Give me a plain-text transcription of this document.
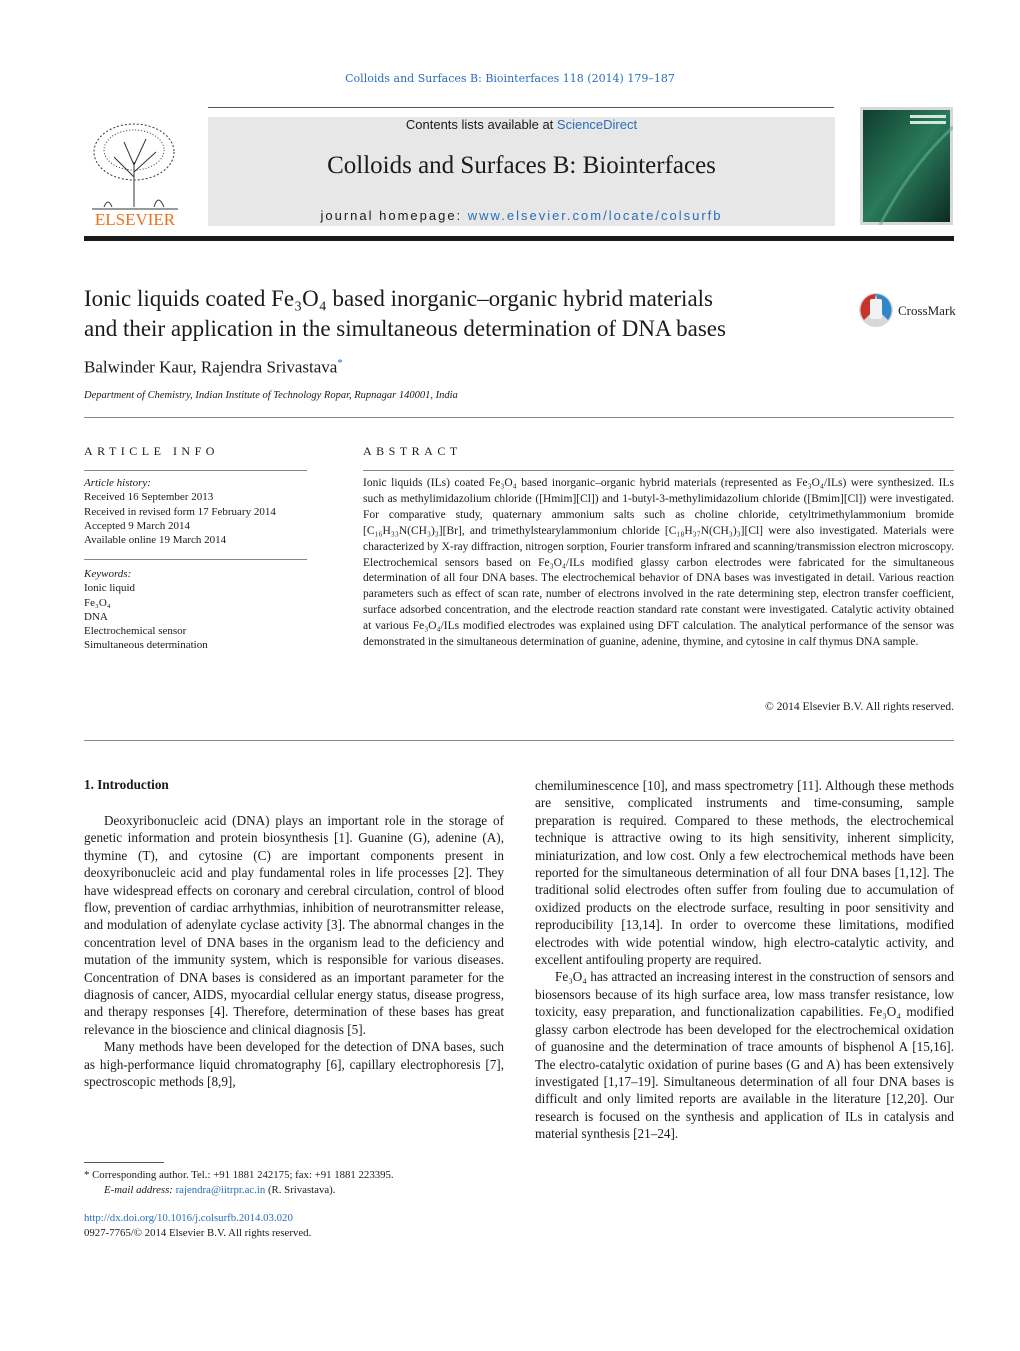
Colloids and Surfaces B: Biointerfaces 118 (2014) 179–187
ELSEVIER
Contents lists available at ScienceDirect
Colloids and Surfaces B: Biointerfaces
journal homepage: www.elsevier.com/locate/colsurfb
Ionic liquids coated Fe₃O₄ based inorganic–organic hybrid materials
and their application in the simultaneous determination of DNA bases
CrossMark
Balwinder Kaur, Rajendra Srivastava*
Department of Chemistry, Indian Institute of Technology Ropar, Rupnagar 140001, India
ARTICLE INFO
Article history:
Received 16 September 2013
Received in revised form 17 February 2014
Accepted 9 March 2014
Available online 19 March 2014
Keywords:
Ionic liquid
Fe₃O₄
DNA
Electrochemical sensor
Simultaneous determination
ABSTRACT
Ionic liquids (ILs) coated Fe₃O₄ based inorganic–organic hybrid materials (represented as Fe₃O₄/ILs) were synthesized. ILs such as methylimidazolium chloride ([Hmim][Cl]) and 1-butyl-3-methylimidazolium chloride ([Bmim][Cl]) were investigated. For comparative study, quaternary ammonium salts such as choline chloride, cetyltrimethylammonium bromide [C₁₆H₃₃N(CH₃)₃][Br], and trimethylstearylammonium chloride [C₁₈H₃₇N(CH₃)₃][Cl] were also investigated. Materials were characterized by X-ray diffraction, nitrogen sorption, Fourier transform infrared and scanning/transmission electron microscopy. Electrochemical sensors based on Fe₃O₄/ILs modified glassy carbon electrodes were fabricated for the simultaneous determination of all four DNA bases. The electrochemical behavior of DNA bases was investigated in detail. Various reaction parameters such as effect of scan rate, number of electrons involved in the rate determining step, electron transfer coefficient, surface adsorbed concentration, and the electrode reaction standard rate constant were investigated. Catalytic activity obtained at various Fe₃O₄/ILs modified electrodes was explained using DFT calculation. The analytical performance of the sensor was demonstrated in the simultaneous determination of guanine, adenine, thymine, and cytosine in calf thymus DNA sample.
© 2014 Elsevier B.V. All rights reserved.
1. Introduction

Deoxyribonucleic acid (DNA) plays an important role in the storage of genetic information and protein biosynthesis [1]. Guanine (G), adenine (A), thymine (T), and cytosine (C) are important components present in deoxyribonucleic acid and play fundamental roles in life processes [2]. They have widespread effects on coronary and cerebral circulation, control of blood flow, prevention of cardiac arrhythmias, inhibition of neurotransmitter release, and modulation of adenylate cyclase activity [3]. The abnormal changes in the concentration level of DNA bases in the organism lead to the deficiency and mutation of the immunity system, which is responsible for various diseases. Concentration of DNA bases is considered as an important parameter for the diagnosis of cancer, AIDS, myocardial cellular energy status, disease progress, and therapy responses [4]. Therefore, determination of these bases has great relevance in the bioscience and clinical diagnosis [5].

Many methods have been developed for the detection of DNA bases, such as high-performance liquid chromatography [6], capillary electrophoresis [7], spectroscopic methods [8,9],

chemiluminescence [10], and mass spectrometry [11]. Although these methods are sensitive, complicated instruments and time-consuming, sample preparation is required. Compared to these methods, the electrochemical technique is attractive owing to its high sensitivity, inherent simplicity, miniaturization, and low cost. Only a few electrochemical methods have been reported for the simultaneous determination of all four DNA bases [1,12]. The traditional solid electrodes often suffer from fouling due to accumulation of oxidized products on the electrode surface, resulting in poor sensitivity and reproducibility [13,14]. In order to overcome these limitations, modified electrodes with wide potential window, high electro-catalytic activity, and excellent antifouling property are required.

Fe₃O₄ has attracted an increasing interest in the construction of sensors and biosensors because of its high surface area, low mass transfer resistance, low toxicity, easy preparation, and functionalization capabilities. Fe₃O₄ modified glassy carbon electrode has been developed for the electrochemical oxidation of guanosine and the determination of trace amounts of bisphenol A [15,16]. The electro-catalytic oxidation of purine bases (G and A) has been extensively investigated [1,17–19]. Simultaneous determination of all four DNA bases is difficult and only limited reports are available in the literature [12,20]. Our research is focused on the synthesis and application of ILs in catalysis and material synthesis [21–24].

* Corresponding author. Tel.: +91 1881 242175; fax: +91 1881 223395.
E-mail address: rajendra@iitrpr.ac.in (R. Srivastava).
http://dx.doi.org/10.1016/j.colsurfb.2014.03.020
0927-7765/© 2014 Elsevier B.V. All rights reserved.
